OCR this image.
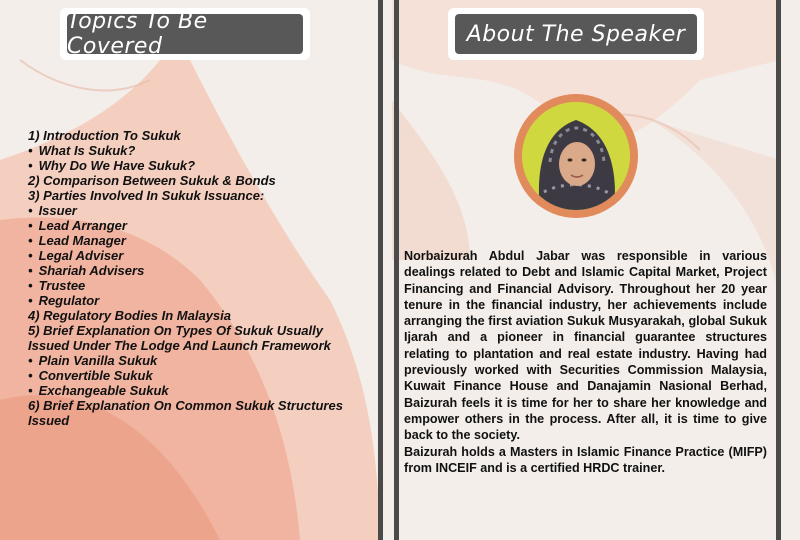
Topics To Be Covered	About The Speaker
1) Introduction To Sukuk
• What Is Sukuk?
• Why Do We Have Sukuk?
2) Comparison Between Sukuk & Bonds
3) Parties Involved In Sukuk Issuance:
• Issuer
• Lead Arranger
• Lead Manager
• Legal Adviser
• Shariah Advisers
• Trustee
• Regulator
4) Regulatory Bodies In Malaysia
5) Brief Explanation On Types Of Sukuk Usually
Issued Under The Lodge And Launch Framework
• Plain Vanilla Sukuk
• Convertible Sukuk
• Exchangeable Sukuk
6) Brief Explanation On Common Sukuk Structures
Issued

Norbaizurah Abdul Jabar was responsible in various dealings related to Debt and Islamic Capital Market, Project Financing and Financial Advisory. Throughout her 20 year tenure in the financial industry, her achievements include arranging the first aviation Sukuk Musyarakah, global Sukuk Ijarah and a pioneer in financial guarantee structures relating to plantation and real estate industry. Having had previously worked with Securities Commission Malaysia, Kuwait Finance House and Danajamin Nasional Berhad, Baizurah feels it is time for her to share her knowledge and empower others in the process. After all, it is time to give back to the society.

Baizurah holds a Masters in Islamic Finance Practice (MIFP) from INCEIF and is a certified HRDC trainer.
